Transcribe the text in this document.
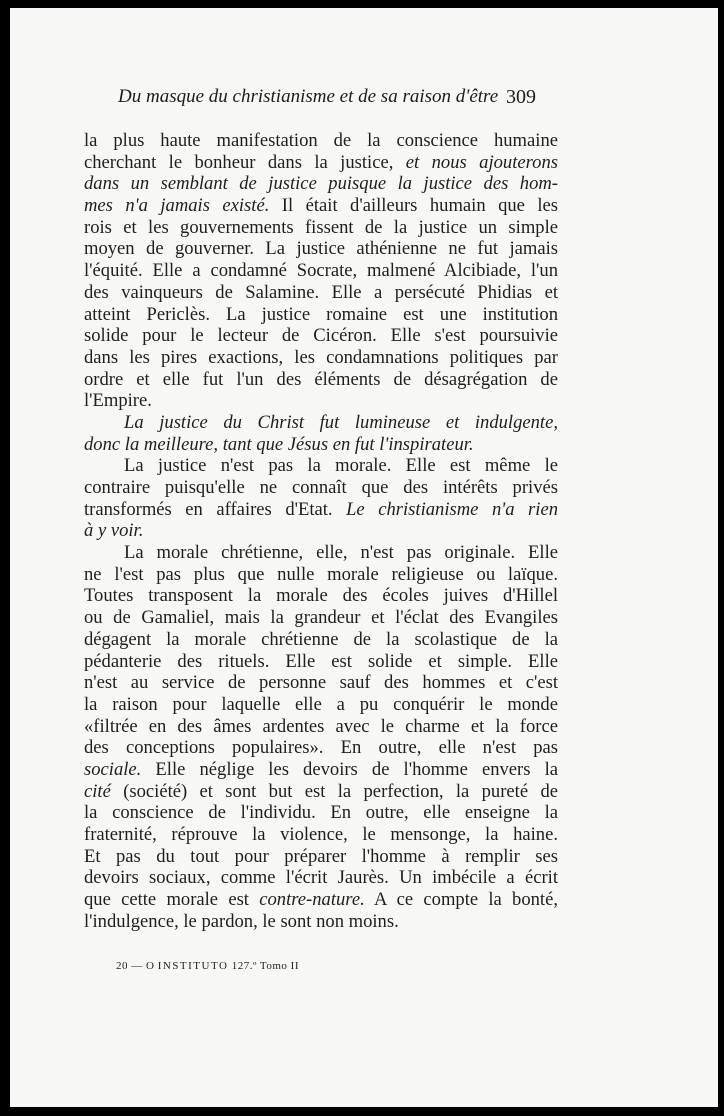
Du masque du christianisme et de sa raison d'être 309
la plus haute manifestation de la conscience humaine
cherchant le bonheur dans la justice, et nous ajouterons
dans un semblant de justice puisque la justice des hom-
mes n'a jamais existé. Il était d'ailleurs humain que les
rois et les gouvernements fissent de la justice un simple
moyen de gouverner. La justice athénienne ne fut jamais
l'équité. Elle a condamné Socrate, malmené Alcibiade, l'un
des vainqueurs de Salamine. Elle a persécuté Phidias et
atteint Periclès. La justice romaine est une institution
solide pour le lecteur de Cicéron. Elle s'est poursuivie
dans les pires exactions, les condamnations politiques par
ordre et elle fut l'un des éléments de désagrégation de
l'Empire.
La justice du Christ fut lumineuse et indulgente,
donc la meilleure, tant que Jésus en fut l'inspirateur.
La justice n'est pas la morale. Elle est même le
contraire puisqu'elle ne connaît que des intérêts privés
transformés en affaires d'Etat. Le christianisme n'a rien
à y voir.
La morale chrétienne, elle, n'est pas originale. Elle
ne l'est pas plus que nulle morale religieuse ou laïque.
Toutes transposent la morale des écoles juives d'Hillel
ou de Gamaliel, mais la grandeur et l'éclat des Evangiles
dégagent la morale chrétienne de la scolastique de la
pédanterie des rituels. Elle est solide et simple. Elle
n'est au service de personne sauf des hommes et c'est
la raison pour laquelle elle a pu conquérir le monde
«filtrée en des âmes ardentes avec le charme et la force
des conceptions populaires». En outre, elle n'est pas
sociale. Elle néglige les devoirs de l'homme envers la
cité (société) et sont but est la perfection, la pureté de
la conscience de l'individu. En outre, elle enseigne la
fraternité, réprouve la violence, le mensonge, la haine.
Et pas du tout pour préparer l'homme à remplir ses
devoirs sociaux, comme l'écrit Jaurès. Un imbécile a écrit
que cette morale est contre-nature. A ce compte la bonté,
l'indulgence, le pardon, le sont non moins.
20 — O INSTITUTO 127.º Tomo II
